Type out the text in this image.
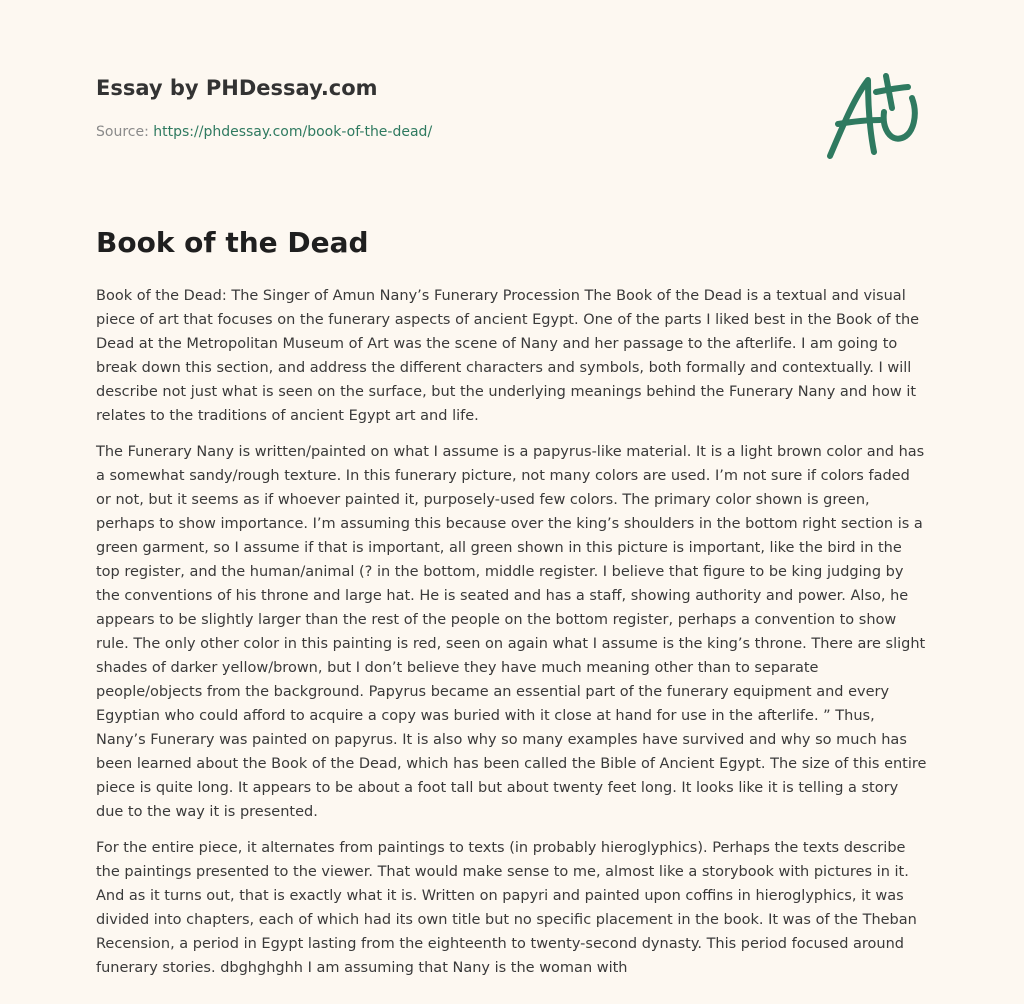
Essay by PHDessay.com
Source: https://phdessay.com/book-of-the-dead/
Book of the Dead

Book of the Dead: The Singer of Amun Nany’s Funerary Procession The Book of the Dead is a textual and visual piece of art that focuses on the funerary aspects of ancient Egypt. One of the parts I liked best in the Book of the Dead at the Metropolitan Museum of Art was the scene of Nany and her passage to the afterlife. I am going to break down this section, and address the different characters and symbols, both formally and contextually. I will describe not just what is seen on the surface, but the underlying meanings behind the Funerary Nany and how it relates to the traditions of ancient Egypt art and life.

The Funerary Nany is written/painted on what I assume is a papyrus-like material. It is a light brown color and has a somewhat sandy/rough texture. In this funerary picture, not many colors are used. I’m not sure if colors faded or not, but it seems as if whoever painted it, purposely-used few colors. The primary color shown is green, perhaps to show importance. I’m assuming this because over the king’s shoulders in the bottom right section is a green garment, so I assume if that is important, all green shown in this picture is important, like the bird in the top register, and the human/animal (? in the bottom, middle register. I believe that figure to be king judging by the conventions of his throne and large hat. He is seated and has a staff, showing authority and power. Also, he appears to be slightly larger than the rest of the people on the bottom register, perhaps a convention to show rule. The only other color in this painting is red, seen on again what I assume is the king’s throne. There are slight shades of darker yellow/brown, but I don’t believe they have much meaning other than to separate people/objects from the background. Papyrus became an essential part of the funerary equipment and every Egyptian who could afford to acquire a copy was buried with it close at hand for use in the afterlife. ” Thus, Nany’s Funerary was painted on papyrus. It is also why so many examples have survived and why so much has been learned about the Book of the Dead, which has been called the Bible of Ancient Egypt. The size of this entire piece is quite long. It appears to be about a foot tall but about twenty feet long. It looks like it is telling a story due to the way it is presented.

For the entire piece, it alternates from paintings to texts (in probably hieroglyphics). Perhaps the texts describe the paintings presented to the viewer. That would make sense to me, almost like a storybook with pictures in it. And as it turns out, that is exactly what it is. Written on papyri and painted upon coffins in hieroglyphics, it was divided into chapters, each of which had its own title but no specific placement in the book. It was of the Theban Recension, a period in Egypt lasting from the eighteenth to twenty-second dynasty. This period focused around funerary stories. dbghghghh I am assuming that Nany is the woman with
